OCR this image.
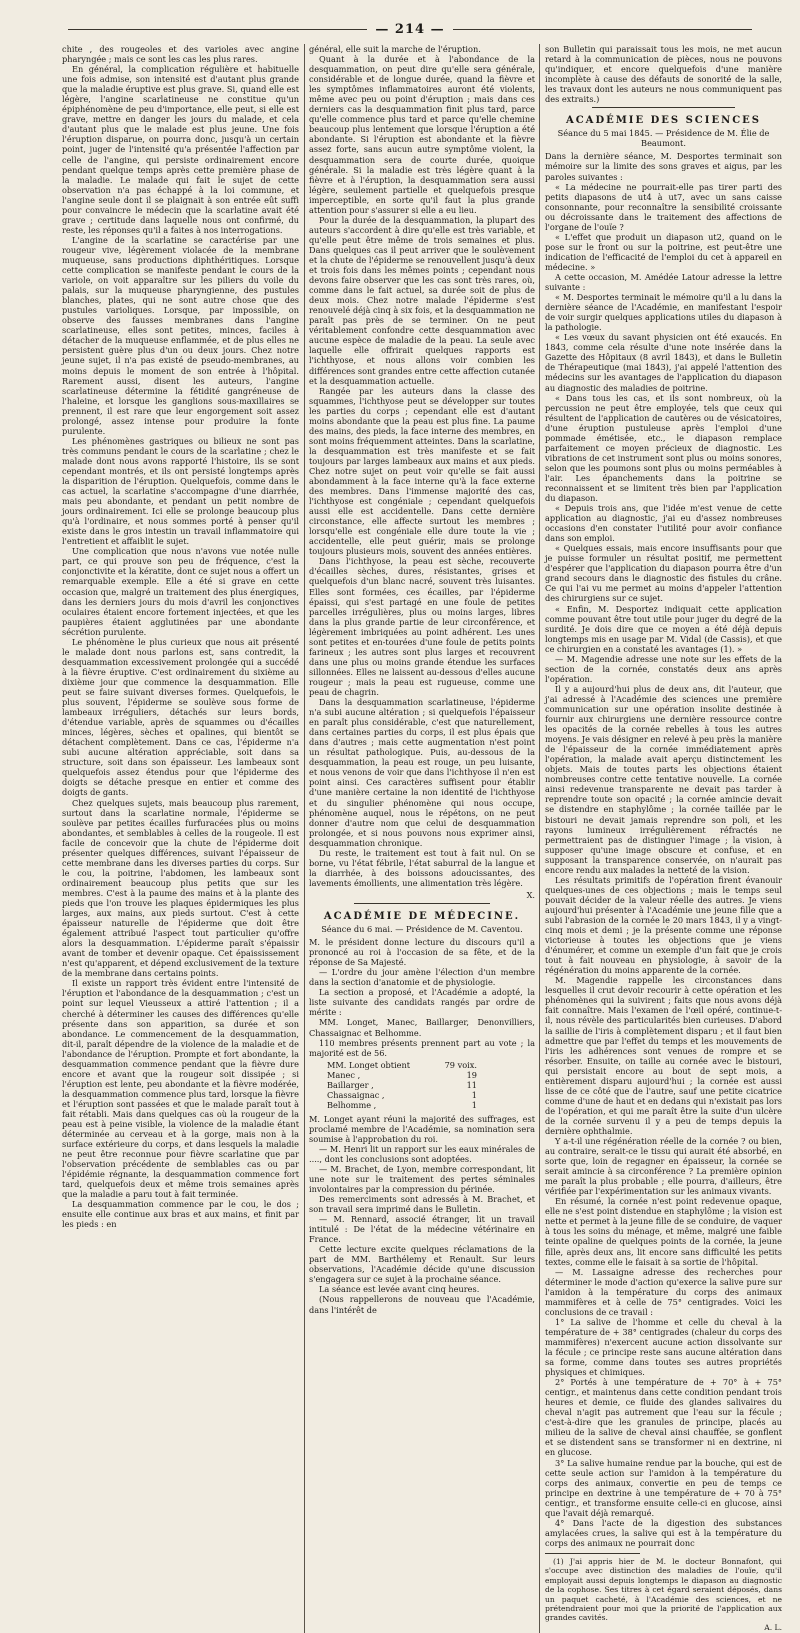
— 214 —

chite , des rougeoles et des varioles avec angine pharyngée ; mais ce sont les cas les plus rares.

En général, la complication régulière et habituelle une fois admise, son intensité est d'autant plus grande que la maladie éruptive est plus grave. Si, quand elle est légère, l'angine scarlatineuse ne constitue qu'un épiphénomène de peu d'importance, elle peut, si elle est grave, mettre en danger les jours du malade, et cela d'autant plus que le malade est plus jeune. Une fois l'éruption disparue, on pourra donc, jusqu'à un certain point, juger de l'intensité qu'a présentée l'affection par celle de l'angine, qui persiste ordinairement encore pendant quelque temps après cette première phase de la maladie. Le malade qui fait le sujet de cette observation n'a pas échappé à la loi commune, et l'angine seule dont il se plaignait à son entrée eût suffi pour convaincre le médecin que la scarlatine avait été grave ; certitude dans laquelle nous ont confirmé, du reste, les réponses qu'il a faites à nos interrogations.

L'angine de la scarlatine se caractérise par une rougeur vive, légèrement violacée de la membrane muqueuse, sans productions diphthéritiques. Lorsque cette complication se manifeste pendant le cours de la variole, on voit apparaître sur les piliers du voile du palais, sur la muqueuse pharyngienne, des pustules blanches, plates, qui ne sont autre chose que des pustules varioliques. Lorsque, par impossible, on observe des fausses membranes dans l'angine scarlatineuse, elles sont petites, minces, faciles à détacher de la muqueuse enflammée, et de plus elles ne persistent guère plus d'un ou deux jours. Chez notre jeune sujet, il n'a pas existé de pseudo-membranes, au moins depuis le moment de son entrée à l'hôpital. Rarement aussi, disent les auteurs, l'angine scarlatineuse détermine la fétidité gangréneuse de l'haleine, et lorsque les ganglions sous-maxillaires se prennent, il est rare que leur engorgement soit assez prolongé, assez intense pour produire la fonte purulente.

Les phénomènes gastriques ou bilieux ne sont pas très communs pendant le cours de la scarlatine ; chez le malade dont nous avons rapporté l'histoire, ils se sont cependant montrés, et ils ont persisté longtemps après la disparition de l'éruption. Quelquefois, comme dans le cas actuel, la scarlatine s'accompagne d'une diarrhée, mais peu abondante, et pendant un petit nombre de jours ordinairement. Ici elle se prolonge beaucoup plus qu'à l'ordinaire, et nous sommes porté à penser qu'il existe dans le gros intestin un travail inflammatoire qui l'entretient et affaiblit le sujet.

Une complication que nous n'avons vue notée nulle part, ce qui prouve son peu de fréquence, c'est la conjonctivite et la kératite, dont ce sujet nous a offert un remarquable exemple. Elle a été si grave en cette occasion que, malgré un traitement des plus énergiques, dans les derniers jours du mois d'avril les conjonctives oculaires étaient encore fortement injectées, et que les paupières étaient agglutinées par une abondante sécrétion purulente.

Le phénomène le plus curieux que nous ait présenté le malade dont nous parlons est, sans contredit, la desquammation excessivement prolongée qui a succédé à la fièvre éruptive. C'est ordinairement du sixième au dixième jour que commence la desquammation. Elle peut se faire suivant diverses formes. Quelquefois, le plus souvent, l'épiderme se soulève sous forme de lambeaux irréguliers, détachés sur leurs bords, d'étendue variable, après de squammes ou d'écailles minces, légères, sèches et opalines, qui bientôt se détachent complètement. Dans ce cas, l'épiderme n'a subi aucune altération appréciable, soit dans sa structure, soit dans son épaisseur. Les lambeaux sont quelquefois assez étendus pour que l'épiderme des doigts se détache presque en entier et comme des doigts de gants.

Chez quelques sujets, mais beaucoup plus rarement, surtout dans la scarlatine normale, l'épiderme se soulève par petites écailles furfuracées plus ou moins abondantes, et semblables à celles de la rougeole. Il est facile de concevoir que la chute de l'épiderme doit présenter quelques différences, suivant l'épaisseur de cette membrane dans les diverses parties du corps. Sur le cou, la poitrine, l'abdomen, les lambeaux sont ordinairement beaucoup plus petits que sur les membres. C'est à la paume des mains et à la plante des pieds que l'on trouve les plaques épidermiques les plus larges, aux mains, aux pieds surtout. C'est à cette épaisseur naturelle de l'épiderme que doit être également attribué l'aspect tout particulier qu'offre alors la desquammation. L'épiderme paraît s'épaissir avant de tomber et devenir opaque. Cet épaississement n'est qu'apparent, et dépend exclusivement de la texture de la membrane dans certains points.

Il existe un rapport très évident entre l'intensité de l'éruption et l'abondance de la desquammation ; c'est un point sur lequel Vieusseux a attiré l'attention ; il a cherché à déterminer les causes des différences qu'elle présente dans son apparition, sa durée et son abondance. Le commencement de la desquammation, dit-il, paraît dépendre de la violence de la maladie et de l'abondance de l'éruption. Prompte et fort abondante, la desquammation commence pendant que la fièvre dure encore et avant que la rougeur soit dissipée ; si l'éruption est lente, peu abondante et la fièvre modérée, la desquammation commence plus tard, lorsque la fièvre et l'éruption sont passées et que le malade paraît tout à fait rétabli. Mais dans quelques cas où la rougeur de la peau est à peine visible, la violence de la maladie étant déterminée au cerveau et à la gorge, mais non à la surface extérieure du corps, et dans lesquels la maladie ne peut être reconnue pour fièvre scarlatine que par l'observation précédente de semblables cas ou par l'épidémie régnante, la desquammation commence fort tard, quelquefois deux et même trois semaines après que la maladie a paru tout à fait terminée.

La desquammation commence par le cou, le dos ; ensuite elle continue aux bras et aux mains, et finit par les pieds : en

général, elle suit la marche de l'éruption.

Quant à la durée et à l'abondance de la desquammation, on peut dire qu'elle sera générale, considérable et de longue durée, quand la fièvre et les symptômes inflammatoires auront été violents, même avec peu ou point d'éruption ; mais dans ces derniers cas la desquammation finit plus tard, parce qu'elle commence plus tard et parce qu'elle chemine beaucoup plus lentement que lorsque l'éruption a été abondante. Si l'éruption est abondante et la fièvre assez forte, sans aucun autre symptôme violent, la desquammation sera de courte durée, quoique générale. Si la maladie est très légère quant à la fièvre et à l'éruption, la desquammation sera aussi légère, seulement partielle et quelquefois presque imperceptible, en sorte qu'il faut la plus grande attention pour s'assurer si elle a eu lieu.

Pour la durée de la desquammation, la plupart des auteurs s'accordent à dire qu'elle est très variable, et qu'elle peut être même de trois semaines et plus. Dans quelques cas il peut arriver que le soulèvement et la chute de l'épiderme se renouvellent jusqu'à deux et trois fois dans les mêmes points ; cependant nous devons faire observer que les cas sont très rares, où, comme dans le fait actuel, sa durée soit de plus de deux mois. Chez notre malade l'épiderme s'est renouvelé déjà cinq à six fois, et la desquammation ne paraît pas près de se terminer. On ne peut véritablement confondre cette desquammation avec aucune espèce de maladie de la peau. La seule avec laquelle elle offrirait quelques rapports est l'ichthyose, et nous allons voir combien les différences sont grandes entre cette affection cutanée et la desquammation actuelle.

Rangée par les auteurs dans la classe des squammes, l'ichthyose peut se développer sur toutes les parties du corps ; cependant elle est d'autant moins abondante que la peau est plus fine. La paume des mains, des pieds, la face interne des membres, en sont moins fréquemment atteintes. Dans la scarlatine, la desquammation est très manifeste et se fait toujours par larges lambeaux aux mains et aux pieds. Chez notre sujet on peut voir qu'elle se fait aussi abondamment à la face interne qu'à la face externe des membres. Dans l'immense majorité des cas, l'ichthyose est congéniale ; cependant quelquefois aussi elle est accidentelle. Dans cette dernière circonstance, elle affecte surtout les membres ; lorsqu'elle est congéniale elle dure toute la vie ; accidentelle, elle peut guérir, mais se prolonge toujours plusieurs mois, souvent des années entières.

Dans l'ichthyose, la peau est sèche, recouverte d'écailles sèches, dures, résistantes, grises et quelquefois d'un blanc nacré, souvent très luisantes. Elles sont formées, ces écailles, par l'épiderme épaissi, qui s'est partagé en une foule de petites parcelles irrégulières, plus ou moins larges, libres dans la plus grande partie de leur circonférence, et légèrement imbriquées au point adhérent. Les unes sont petites et en-tourées d'une foule de petits points farineux ; les autres sont plus larges et recouvrent dans une plus ou moins grande étendue les surfaces sillonnées. Elles ne laissent au-dessous d'elles aucune rougeur ; mais la peau est rugueuse, comme une peau de chagrin.

Dans la desquammation scarlatineuse, l'épiderme n'a subi aucune altération ; si quelquefois l'épaisseur en paraît plus considérable, c'est que naturellement, dans certaines parties du corps, il est plus épais que dans d'autres ; mais cette augmentation n'est point un résultat pathologique. Puis, au-dessous de la desquammation, la peau est rouge, un peu luisante, et nous venons de voir que dans l'ichthyose il n'en est point ainsi. Ces caractères suffisent pour établir d'une manière certaine la non identité de l'ichthyose et du singulier phénomène qui nous occupe, phénomène auquel, nous le répétons, on ne peut donner d'autre nom que celui de desquammation prolongée, et si nous pouvons nous exprimer ainsi, desquammation chronique.

Du reste, le traitement est tout à fait nul. On se borne, vu l'état fébrile, l'état saburral de la langue et la diarrhée, à des boissons adoucissantes, des lavements émollients, une alimentation très légère.

X.
ACADÉMIE DE MÉDECINE.
Séance du 6 mai. — Présidence de M. Caventou.

M. le président donne lecture du discours qu'il a prononcé au roi à l'occasion de sa fête, et de la réponse de Sa Majesté.

— L'ordre du jour amène l'élection d'un membre dans la section d'anatomie et de physiologie.

La section a proposé, et l'Académie a adopté, la liste suivante des candidats rangés par ordre de mérite :

MM. Longet, Manec, Baillarger, Denonvilliers, Chassaignac et Belhomme.

110 membres présents prennent part au vote ; la majorité est de 56.

MM. Longet obtient	79 voix.
Manec ,	19
Baillarger ,	11
Chassaignac ,	1
Belhomme ,	1

M. Longet ayant réuni la majorité des suffrages, est proclamé membre de l'Académie, sa nomination sera soumise à l'approbation du roi.

— M. Henri lit un rapport sur les eaux minérales de ...., dont les conclusions sont adoptées.

— M. Brachet, de Lyon, membre correspondant, lit une note sur le traitement des pertes séminales involontaires par la compression du périnée.

Des remerciments sont adressés à M. Brachet, et son travail sera imprimé dans le Bulletin.

— M. Rennard, associé étranger, lit un travail intitulé : De l'état de la médecine vétérinaire en France.

Cette lecture excite quelques réclamations de la part de MM. Barthélemy et Renault. Sur leurs observations, l'Académie décide qu'une discussion s'engagera sur ce sujet à la prochaine séance.

La séance est levée avant cinq heures.

(Nous rappellerons de nouveau que l'Académie, dans l'intérêt de

son Bulletin qui paraissait tous les mois, ne met aucun retard à la communication de pièces, nous ne pouvons qu'indiquer, et encore quelquefois d'une manière incomplète à cause des défauts de sonorité de la salle, les travaux dont les auteurs ne nous communiquent pas des extraits.)

ACADÉMIE DES SCIENCES
Séance du 5 mai 1845. — Présidence de M. Élie de Beaumont.

Dans la dernière séance, M. Desportes terminait son mémoire sur la limite des sons graves et aigus, par les paroles suivantes :

« La médecine ne pourrait-elle pas tirer parti des petits diapasons de ut4 à ut7, avec un sans caisse consonnante, pour reconnaître la sensibilité croissante ou décroissante dans le traitement des affections de l'organe de l'ouïe ?

« L'effet que produit un diapason ut2, quand on le pose sur le front ou sur la poitrine, est peut-être une indication de l'efficacité de l'emploi du cet à appareil en médecine. »

A cette occasion, M. Amédée Latour adresse la lettre suivante :

« M. Desportes terminait le mémoire qu'il a lu dans la dernière séance de l'Académie, en manifestant l'espoir de voir surgir quelques applications utiles du diapason à la pathologie.

« Les vœux du savant physicien ont été exaucés. En 1843, comme cela résulte d'une note insérée dans la Gazette des Hôpitaux (8 avril 1843), et dans le Bulletin de Thérapeutique (mai 1843), j'ai appelé l'attention des médecins sur les avantages de l'application du diapason au diagnostic des maladies de poitrine.

« Dans tous les cas, et ils sont nombreux, où la percussion ne peut être employée, tels que ceux qui résultent de l'application de cautères ou de vésicatoires, d'une éruption pustuleuse après l'emploi d'une pommade émétisée, etc., le diapason remplace parfaitement ce moyen précieux de diagnostic. Les vibrations de cet instrument sont plus ou moins sonores, selon que les poumons sont plus ou moins perméables à l'air. Les épanchements dans la poitrine se reconnaissent et se limitent très bien par l'application du diapason.

« Depuis trois ans, que l'idée m'est venue de cette application au diagnostic, j'ai eu d'assez nombreuses occasions d'en constater l'utilité pour avoir confiance dans son emploi.

« Quelques essais, mais encore insuffisants pour que je puisse formuler un résultat positif, me permettent d'espérer que l'application du diapason pourra être d'un grand secours dans le diagnostic des fistules du crâne. Ce qui l'ai vu me permet au moins d'appeler l'attention des chirurgiens sur ce sujet.

« Enfin, M. Desportez indiquait cette application comme pouvant être tout utile pour juger du degré de la surdité. Je dois dire que ce moyen a été déjà depuis longtemps mis en usage par M. Vidal (de Cassis), et que ce chirurgien en a constaté les avantages (1). »

— M. Magendie adresse une note sur les effets de la section de la cornée, constatés deux ans après l'opération.

Il y a aujourd'hui plus de deux ans, dit l'auteur, que j'ai adressé à l'Académie des sciences une première communication sur une opération insolite destinée à fournir aux chirurgiens une dernière ressource contre les opacités de la cornée rebelles à tous les autres moyens. Je vais désigner en relevé à peu près la manière de l'épaisseur de la cornée immédiatement après l'opération, la malade avait aperçu distinctement les objets. Mais de toutes parts les objections étaient nombreuses contre cette tentative nouvelle. La cornée ainsi redevenue transparente ne devait pas tarder à reprendre toute son opacité ; la cornée amincie devait se distendre en staphylôme ; la cornée taillée par le bistouri ne devait jamais reprendre son poli, et les rayons lumineux irrégulièrement réfractés ne permettraient pas de distinguer l'image ; la vision, à supposer qu'une image obscure et confuse, et en supposant la transparence conservée, on n'aurait pas encore rendu aux malades la netteté de la vision.

Les résultats primitifs de l'opération firent évanouir quelques-unes de ces objections ; mais le temps seul pouvait décider de la valeur réelle des autres. Je viens aujourd'hui présenter à l'Académie une jeune fille que a subi l'abrasion de la cornée le 20 mars 1843, il y a vingt-cinq mois et demi ; je la présente comme une réponse victorieuse à toutes les objections que je viens d'énumérer, et comme un exemple d'un fait que je crois tout à fait nouveau en physiologie, à savoir de la régénération du moins apparente de la cornée.

M. Magendie rappelle les circonstances dans lesquelles il crut devoir recourir à cette opération et les phénomènes qui la suivirent ; faits que nous avons déjà fait connaître. Mais l'examen de l'œil opéré, continue-t-il, nous révèle des particularités bien curieuses. D'abord la saillie de l'iris à complètement disparu ; et il faut bien admettre que par l'effet du temps et les mouvements de l'iris les adhérences sont venues de rompre et se résorber. Ensuite, on taille au cornée avec le bistouri, qui persistait encore au bout de sept mois, a entièrement disparu aujourd'hui ; la cornée est aussi lisse de ce côté que de l'autre, sauf une petite cicatrice comme d'une de haut et en dedans qui n'existait pas lors de l'opération, et qui me paraît être la suite d'un ulcère de la cornée survenu il y a peu de temps depuis la dernière ophthalmie.

Y a-t-il une régénération réelle de la cornée ? ou bien, au contraire, serait-ce le tissu qui aurait été absorbé, en sorte que, loin de regagner en épaisseur, la cornée se serait amincie à sa circonférence ? La première opinion me paraît la plus probable ; elle pourra, d'ailleurs, être vérifiée par l'expérimentation sur les animaux vivants.

En résumé, la cornée n'est point redevenue opaque, elle ne s'est point distendue en staphylôme ; la vision est nette et permet à la jeune fille de se conduire, de vaquer à tous les soins du ménage, et même, malgré une faible teinte opaline de quelques points de la cornée, la jeune fille, après deux ans, lit encore sans difficulté les petits textes, comme elle le faisait à sa sortie de l'hôpital.

— M. Lassaigne adresse des recherches pour déterminer le mode d'action qu'exerce la salive pure sur l'amidon à la température du corps des animaux mammifères et à celle de 75° centigrades. Voici les conclusions de ce travail :

1° La salive de l'homme et celle du cheval à la température de + 38° centigrades (chaleur du corps des mammifères) n'exercent aucune action dissolvante sur la fécule ; ce principe reste sans aucune altération dans sa forme, comme dans toutes ses autres propriétés physiques et chimiques.

2° Portés à une température de + 70° à + 75° centigr., et maintenus dans cette condition pendant trois heures et demie, ce fluide des glandes salivaires du cheval n'agit pas autrement que l'eau sur la fécule ; c'est-à-dire que les granules de principe, placés au milieu de la salive de cheval ainsi chauffée, se gonflent et se distendent sans se transformer ni en dextrine, ni en glucose.

3° La salive humaine rendue par la bouche, qui est de cette seule action sur l'amidon à la température du corps des animaux, convertie en peu de temps ce principe en dextrine à une température de + 70 à 75° centigr., et transforme ensuite celle-ci en glucose, ainsi que l'avait déjà remarqué.

4° Dans l'acte de la digestion des substances amylacées crues, la salive qui est à la température du corps des animaux ne pourrait donc

(1) J'ai appris hier de M. le docteur Bonnafont, qui s'occupe avec distinction des maladies de l'ouïe, qu'il employait aussi depuis longtemps le diapason au diagnostic de la cophose. Ses titres à cet égard seraient déposés, dans un paquet cacheté, à l'Académie des sciences, et ne prétendraient pour moi que la priorité de l'application aux grandes cavités.
A. L.
